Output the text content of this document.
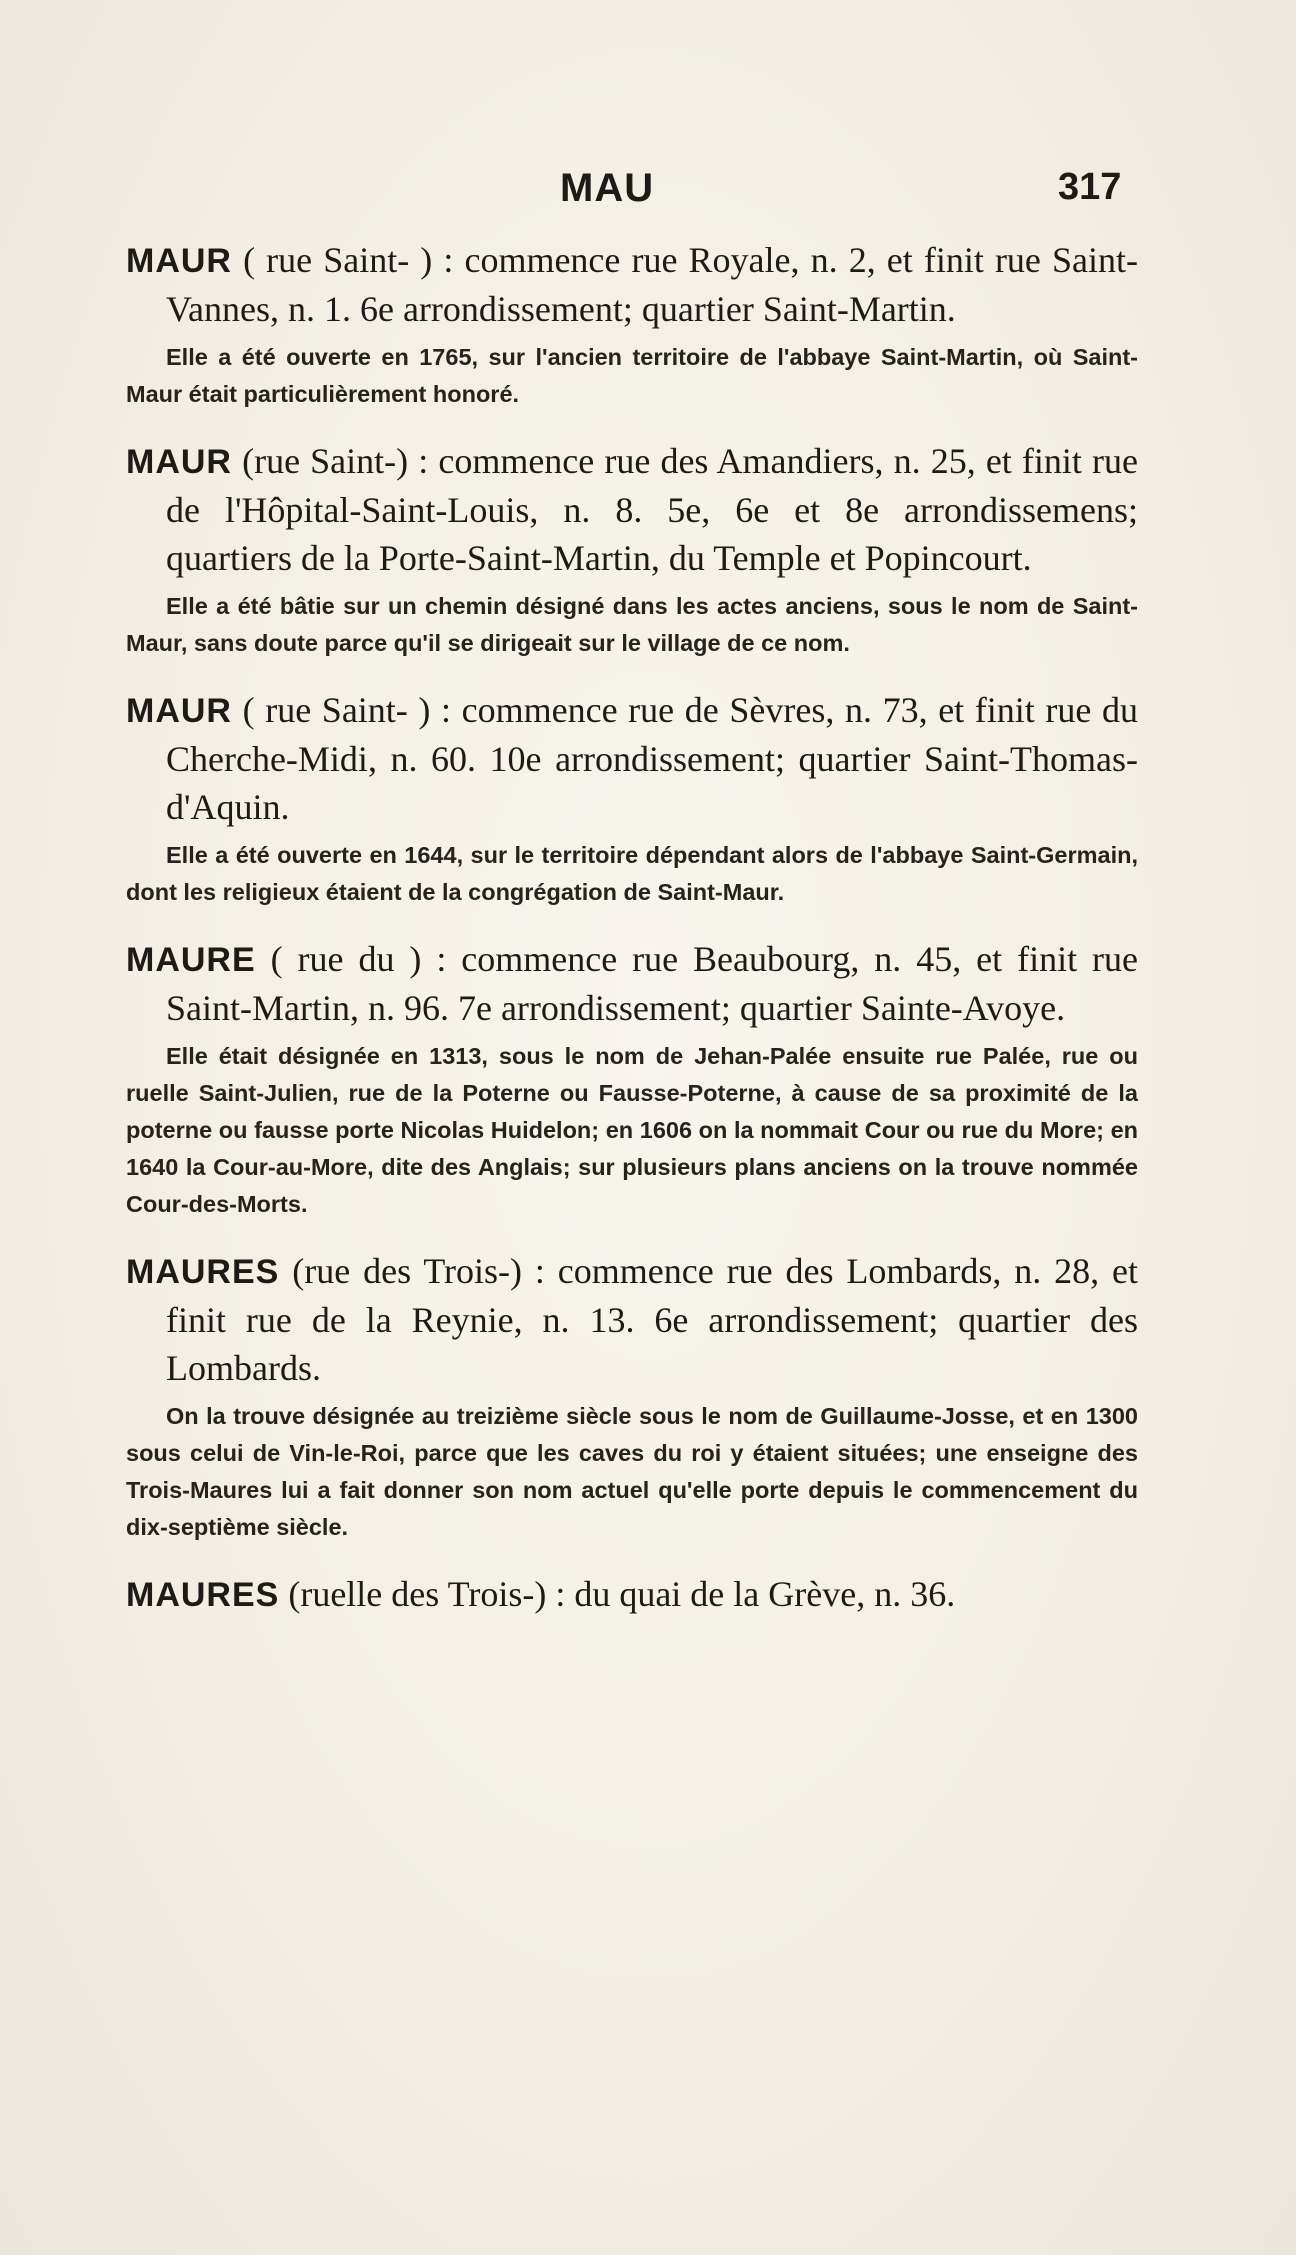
MAU	317

MAUR ( rue Saint- ) : commence rue Royale, n. 2, et finit rue Saint-Vannes, n. 1. 6e arrondissement; quartier Saint-Martin.

Elle a été ouverte en 1765, sur l'ancien territoire de l'abbaye Saint-Martin, où Saint-Maur était particulièrement honoré.

MAUR (rue Saint-) : commence rue des Amandiers, n. 25, et finit rue de l'Hôpital-Saint-Louis, n. 8. 5e, 6e et 8e arrondissemens; quartiers de la Porte-Saint-Martin, du Temple et Popincourt.

Elle a été bâtie sur un chemin désigné dans les actes anciens, sous le nom de Saint-Maur, sans doute parce qu'il se dirigeait sur le village de ce nom.

MAUR ( rue Saint- ) : commence rue de Sèvres, n. 73, et finit rue du Cherche-Midi, n. 60. 10e arrondissement; quartier Saint-Thomas-d'Aquin.

Elle a été ouverte en 1644, sur le territoire dépendant alors de l'abbaye Saint-Germain, dont les religieux étaient de la congrégation de Saint-Maur.

MAURE ( rue du ) : commence rue Beaubourg, n. 45, et finit rue Saint-Martin, n. 96. 7e arrondissement; quartier Sainte-Avoye.

Elle était désignée en 1313, sous le nom de Jehan-Palée ensuite rue Palée, rue ou ruelle Saint-Julien, rue de la Poterne ou Fausse-Poterne, à cause de sa proximité de la poterne ou fausse porte Nicolas Huidelon; en 1606 on la nommait Cour ou rue du More; en 1640 la Cour-au-More, dite des Anglais; sur plusieurs plans anciens on la trouve nommée Cour-des-Morts.

MAURES (rue des Trois-) : commence rue des Lombards, n. 28, et finit rue de la Reynie, n. 13. 6e arrondissement; quartier des Lombards.

On la trouve désignée au treizième siècle sous le nom de Guillaume-Josse, et en 1300 sous celui de Vin-le-Roi, parce que les caves du roi y étaient situées; une enseigne des Trois-Maures lui a fait donner son nom actuel qu'elle porte depuis le commencement du dix-septième siècle.

MAURES (ruelle des Trois-) : du quai de la Grève, n. 36.
